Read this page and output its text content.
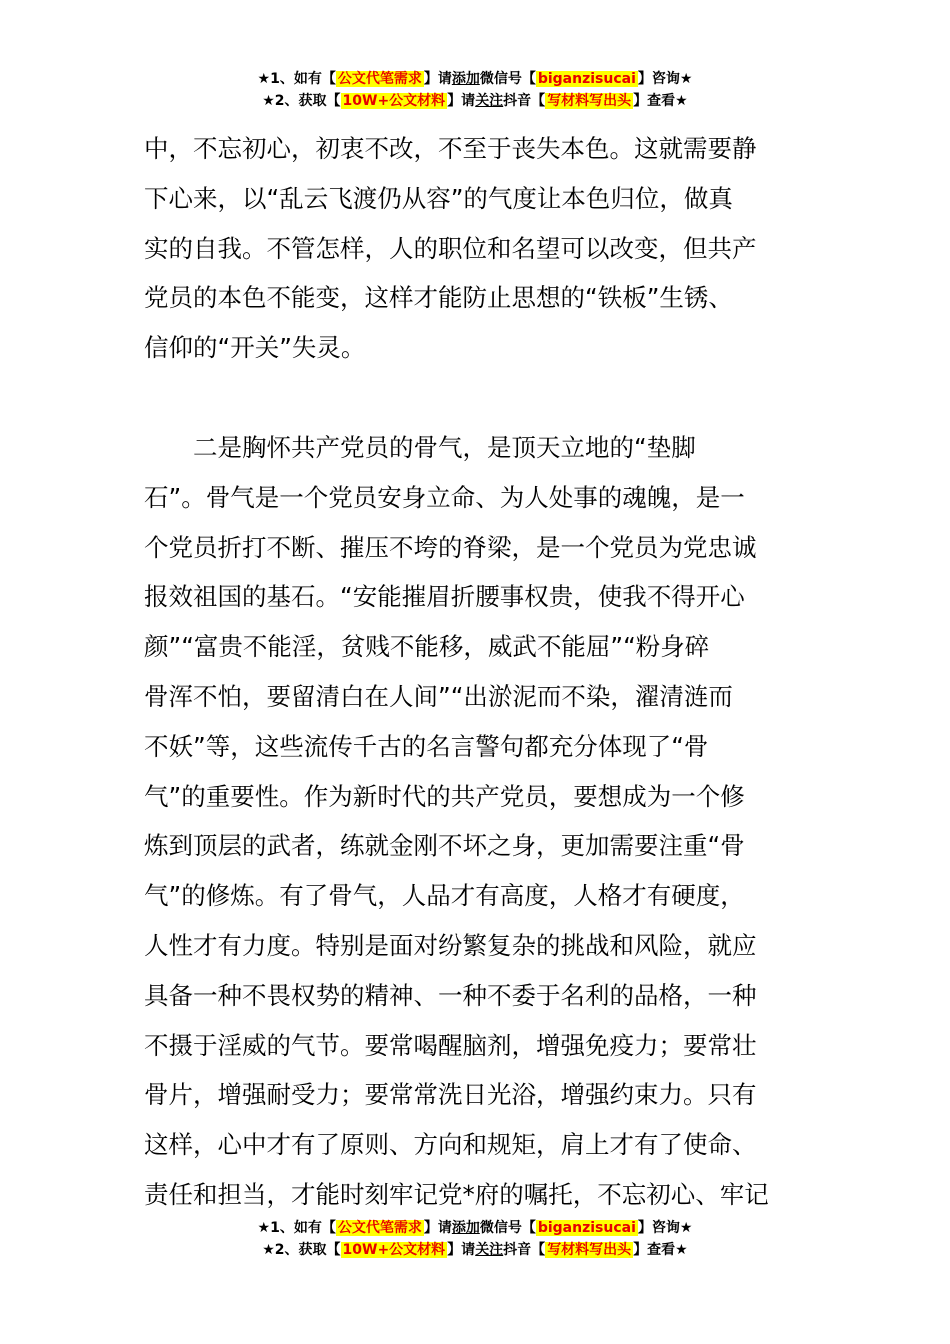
★1、如有【 公文代笔需求 】请添加微信号【 biganzisucai 】咨询★
★2、获取【 10W+公文材料 】请关注抖音【 写材料写出头 】查看★

中，不忘初心，初衷不改，不至于丧失本色。这就需要静
下心来，以“乱云飞渡仍从容”的气度让本色归位，做真
实的自我。不管怎样，人的职位和名望可以改变，但共产
党员的本色不能变，这样才能防止思想的“铁板”生锈、
信仰的“开关”失灵。

　　二是胸怀共产党员的骨气，是顶天立地的“垫脚
石”。骨气是一个党员安身立命、为人处事的魂魄，是一
个党员折打不断、摧压不垮的脊梁，是一个党员为党忠诚
报效祖国的基石。“安能摧眉折腰事权贵，使我不得开心
颜”“富贵不能淫，贫贱不能移，威武不能屈”“粉身碎
骨浑不怕，要留清白在人间”“出淤泥而不染，濯清涟而
不妖”等，这些流传千古的名言警句都充分体现了“骨
气”的重要性。作为新时代的共产党员，要想成为一个修
炼到顶层的武者，练就金刚不坏之身，更加需要注重“骨
气”的修炼。有了骨气，人品才有高度，人格才有硬度，
人性才有力度。特别是面对纷繁复杂的挑战和风险，就应
具备一种不畏权势的精神、一种不委于名利的品格，一种
不摄于淫威的气节。要常喝醒脑剂，增强免疫力；要常壮
骨片，增强耐受力；要常常洗日光浴，增强约束力。只有
这样，心中才有了原则、方向和规矩，肩上才有了使命、
责任和担当，才能时刻牢记党*府的嘱托，不忘初心、牢记

★1、如有【 公文代笔需求 】请添加微信号【 biganzisucai 】咨询★
★2、获取【 10W+公文材料 】请关注抖音【 写材料写出头 】查看★
